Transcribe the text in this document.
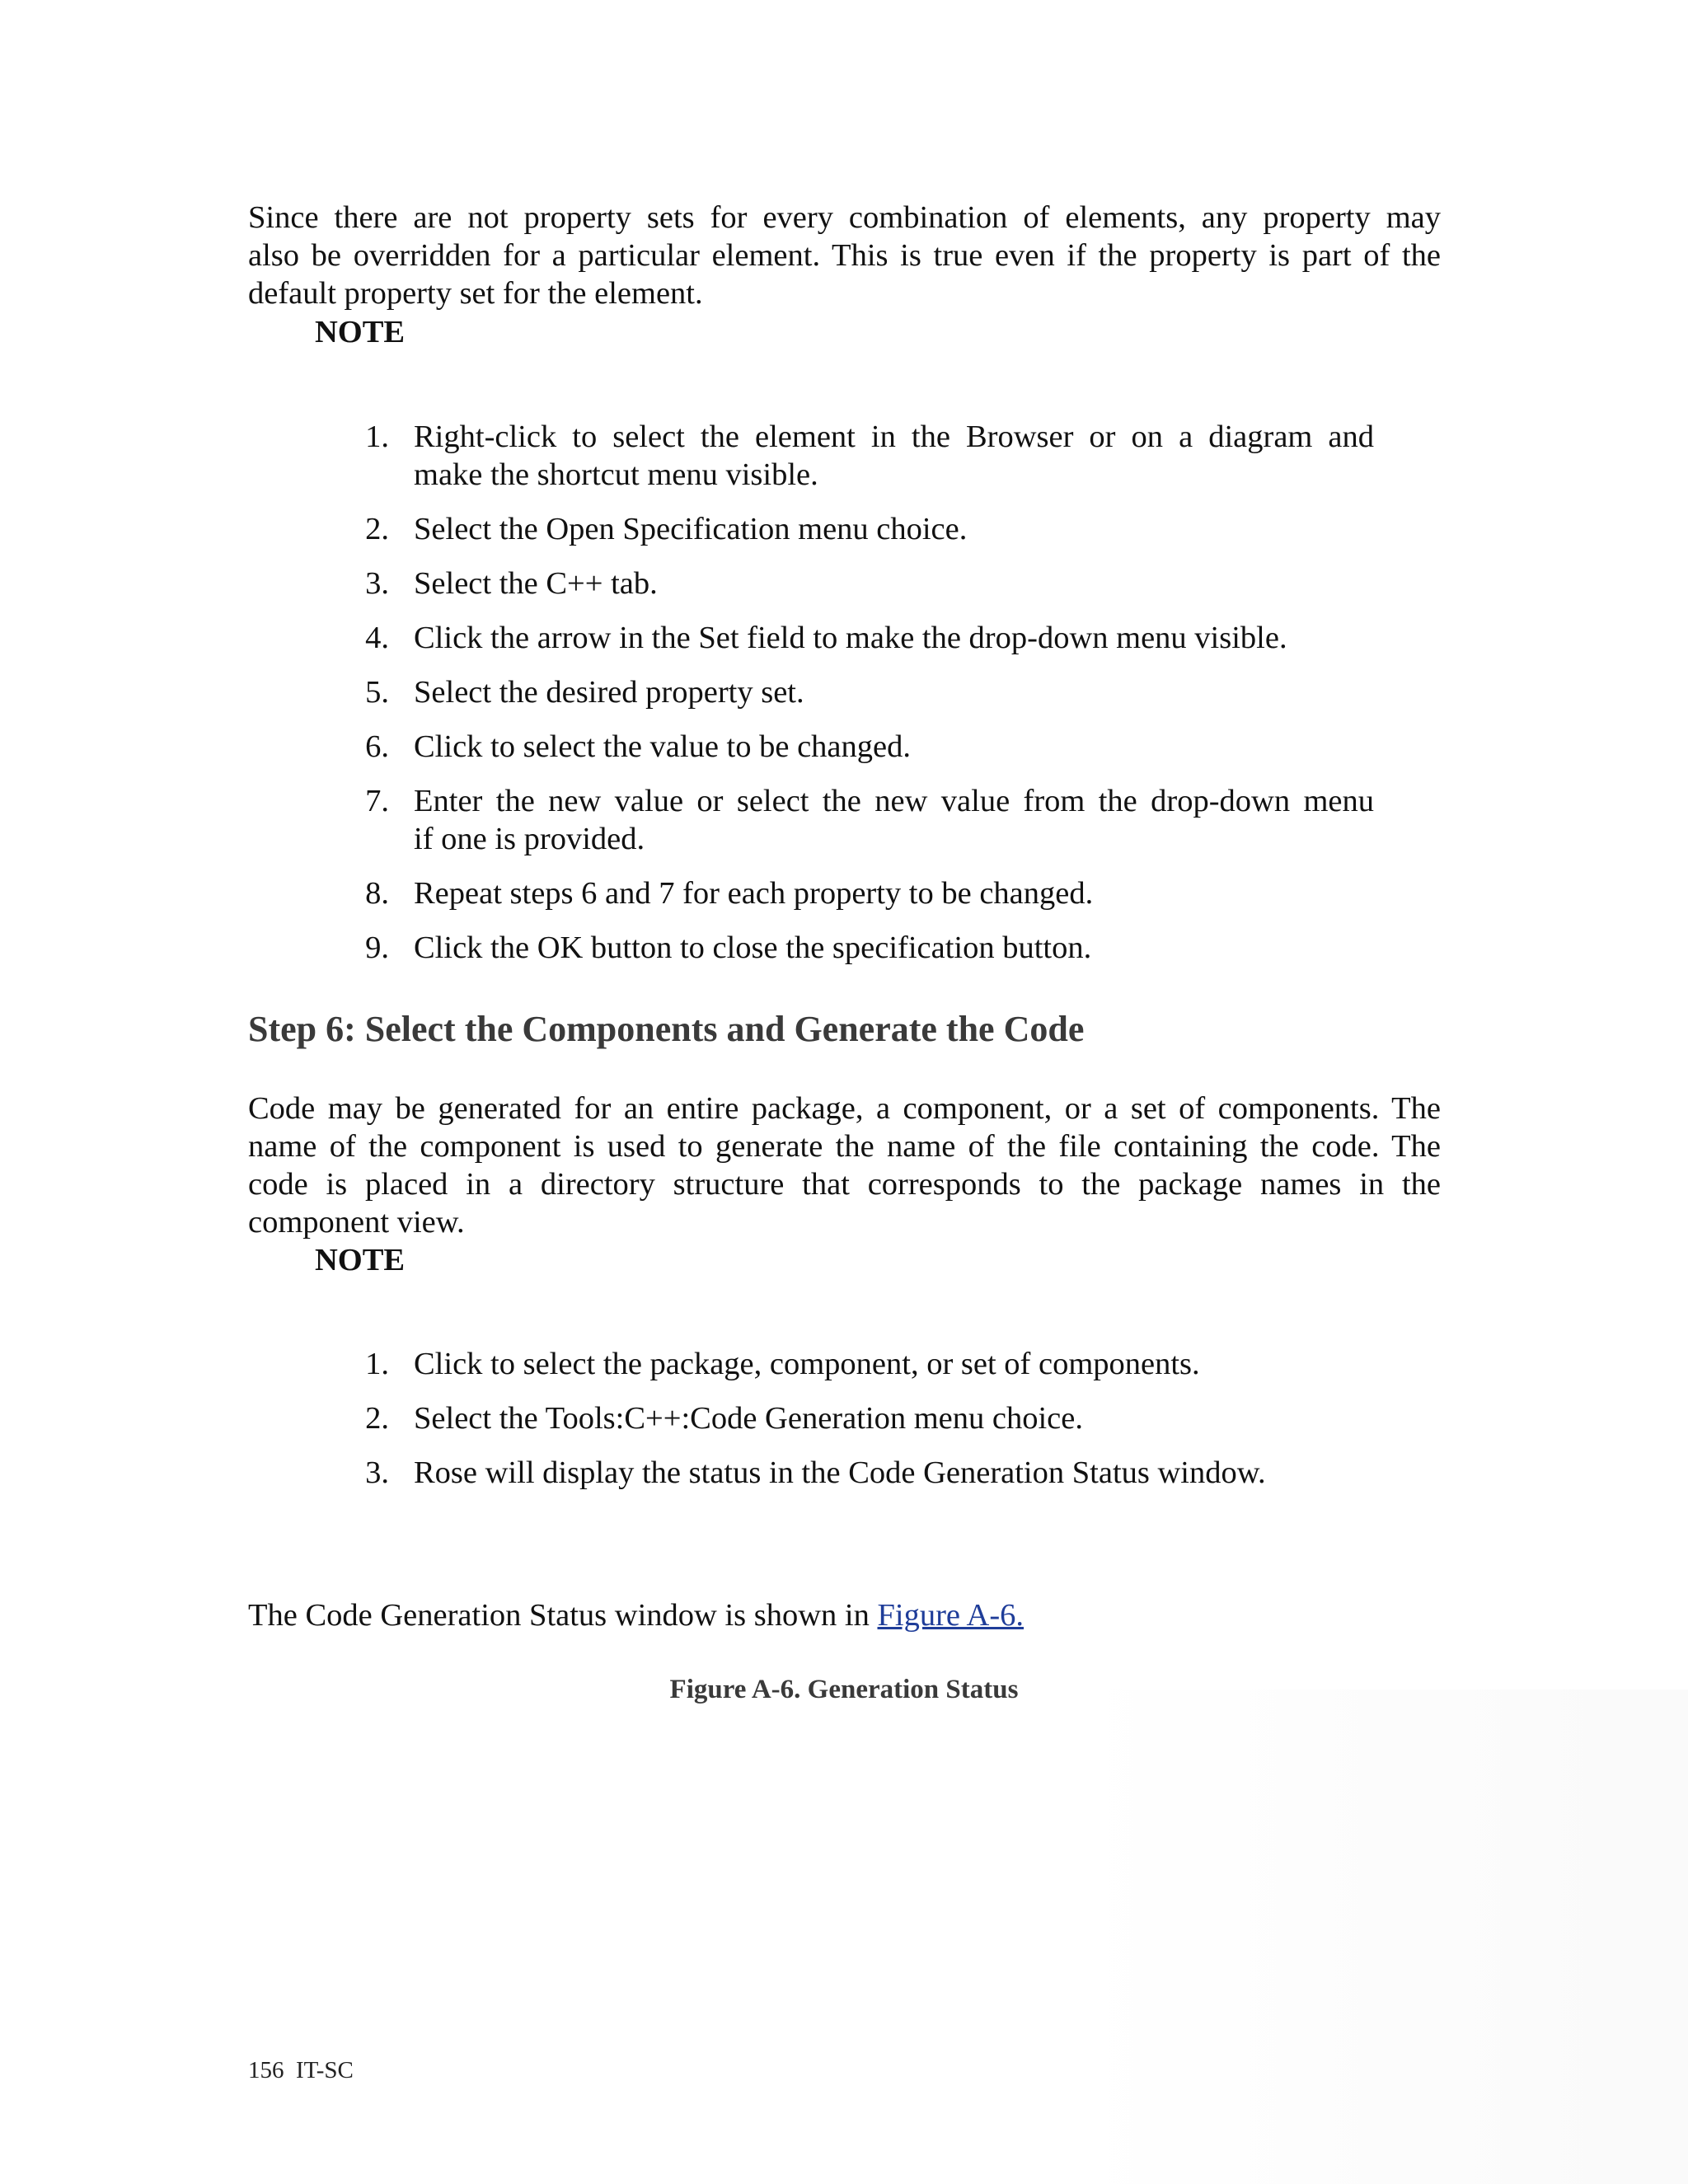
Since there are not property sets for every combination of elements, any property may
also be overridden for a particular element. This is true even if the property is part of the
default property set for the element.

NOTE

1. Right-click to select the element in the Browser or on a diagram and
make the shortcut menu visible.
2. Select the Open Specification menu choice.
3. Select the C++ tab.
4. Click the arrow in the Set field to make the drop-down menu visible.
5. Select the desired property set.
6. Click to select the value to be changed.
7. Enter the new value or select the new value from the drop-down menu
if one is provided.
8. Repeat steps 6 and 7 for each property to be changed.
9. Click the OK button to close the specification button.
Step 6: Select the Components and Generate the Code
Code may be generated for an entire package, a component, or a set of components. The
name of the component is used to generate the name of the file containing the code. The
code is placed in a directory structure that corresponds to the package names in the
component view.

NOTE

1. Click to select the package, component, or set of components.
2. Select the Tools:C++:Code Generation menu choice.
3. Rose will display the status in the Code Generation Status window.

The Code Generation Status window is shown in Figure A-6.

Figure A-6. Generation Status

156 IT-SC
